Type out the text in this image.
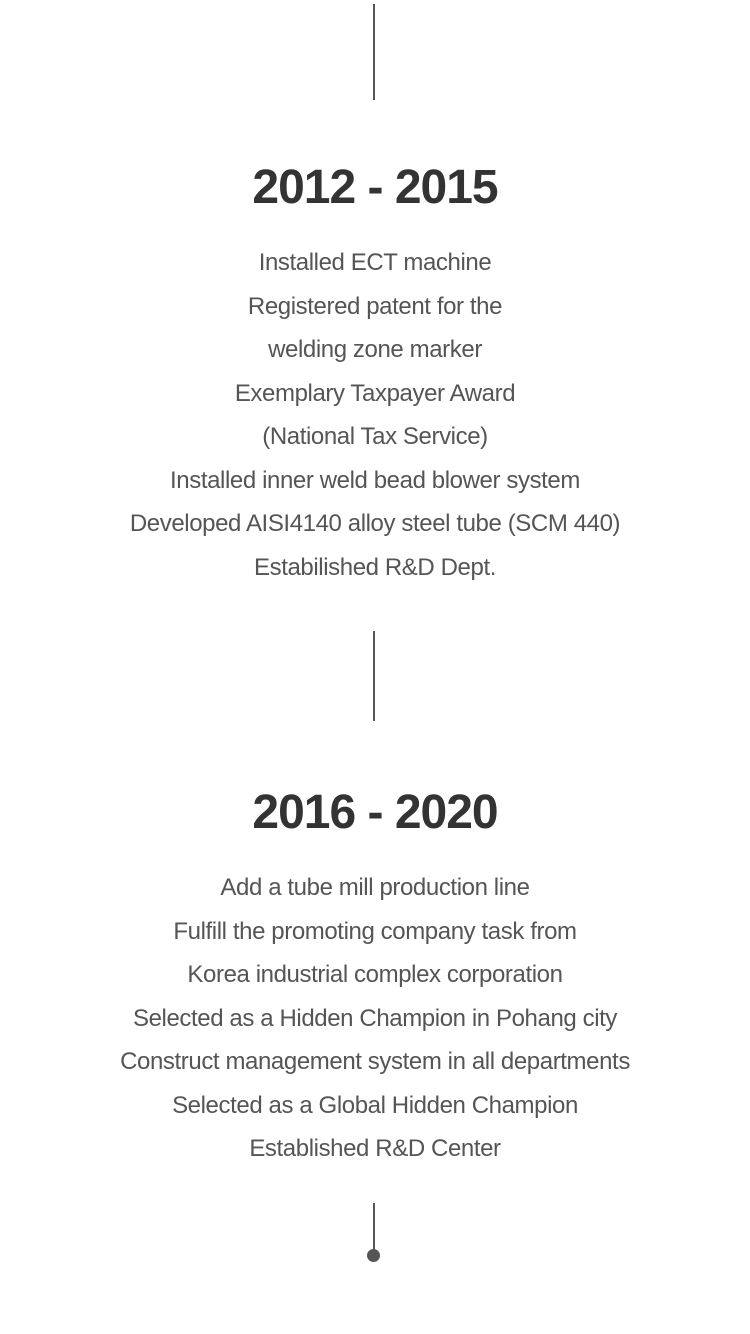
2012 - 2015
Installed ECT machine
Registered patent for the
welding zone marker
Exemplary Taxpayer Award
(National Tax Service)
Installed inner weld bead blower system
Developed AISI4140 alloy steel tube (SCM 440)
Estabilished R&D Dept.
2016 - 2020
Add a tube mill production line
Fulfill the promoting company task from
Korea industrial complex corporation
Selected as a Hidden Champion in Pohang city
Construct management system in all departments
Selected as a Global Hidden Champion
Established R&D Center
